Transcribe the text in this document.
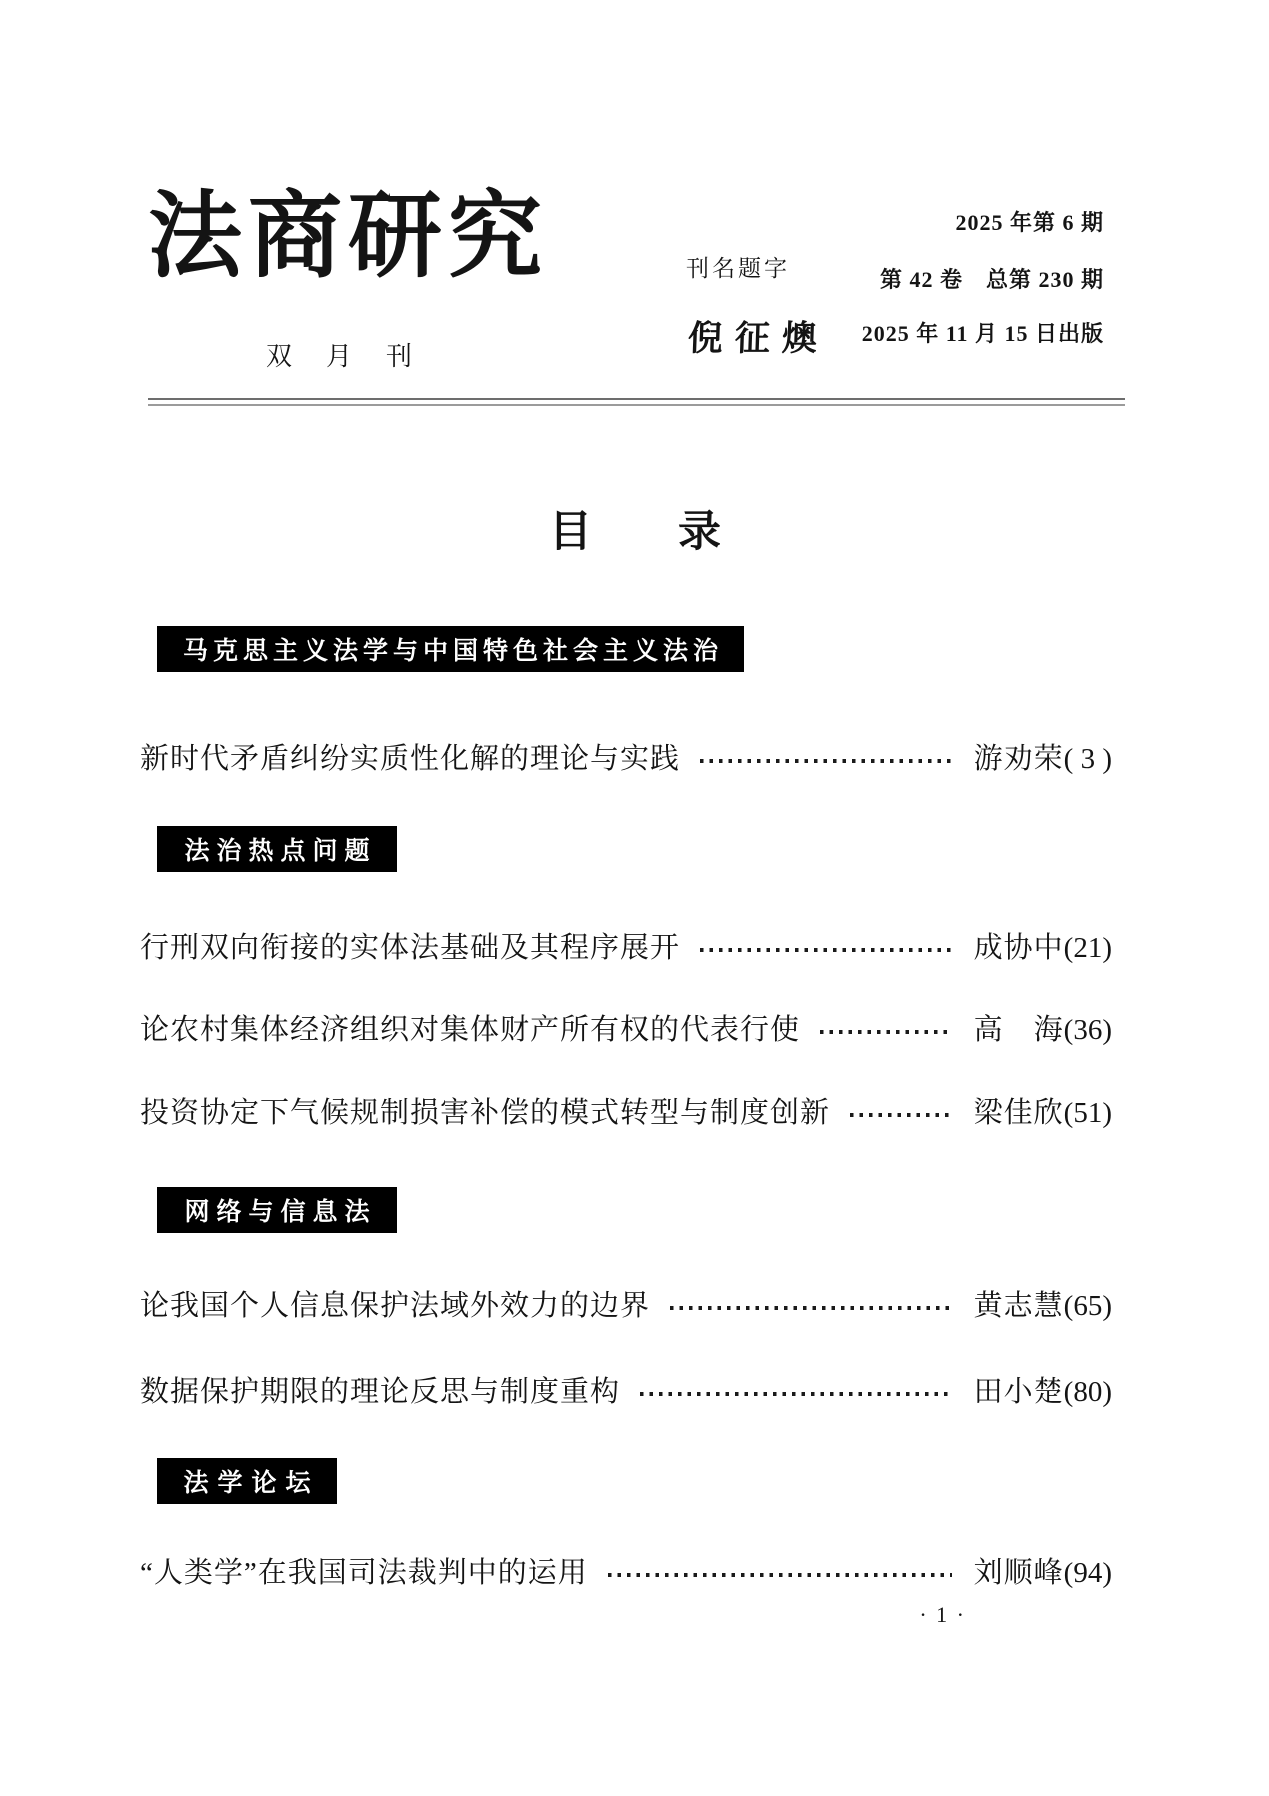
法商研究
双月刊
刊名题字
倪征燠
2025 年第 6 期
第 42 卷　总第 230 期
2025 年 11 月 15 日出版
目录
马克思主义法学与中国特色社会主义法治
新时代矛盾纠纷实质性化解的理论与实践	游劝荣 ( 3 )
法治热点问题
行刑双向衔接的实体法基础及其程序展开	成协中 (21)
论农村集体经济组织对集体财产所有权的代表行使	高　海 (36)
投资协定下气候规制损害补偿的模式转型与制度创新	梁佳欣 (51)
网络与信息法
论我国个人信息保护法域外效力的边界	黄志慧 (65)
数据保护期限的理论反思与制度重构	田小楚 (80)
法学论坛
“人类学”在我国司法裁判中的运用	刘顺峰 (94)
· 1 ·
